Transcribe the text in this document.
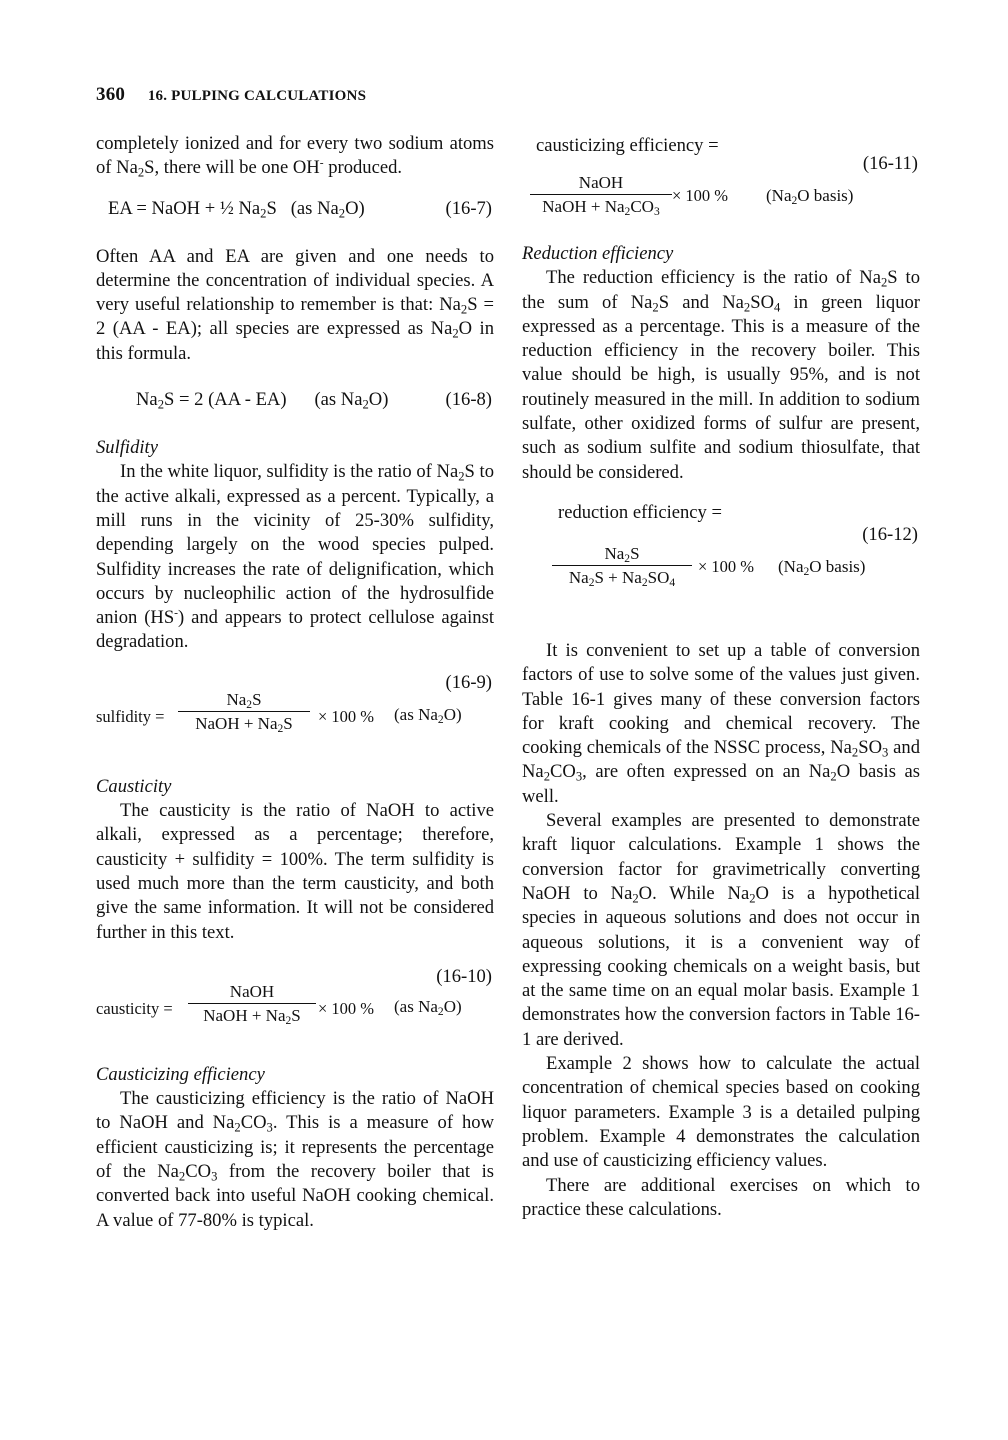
360 16. PULPING CALCULATIONS

completely ionized and for every two sodium atoms of $Na_2S$, there will be one OH- produced.

EA = NaOH + ½ $Na_2S$   (as $Na_2O$)	(16-7)

Often AA and EA are given and one needs to determine the concentration of individual species. A very useful relationship to remember is that: $Na_2S = 2$ (AA - EA); all species are expressed as $Na_2O$ in this formula.

$Na_2S = 2$ (AA - EA)      (as $Na_2O$)	(16-8)

Sulfidity

In the white liquor, sulfidity is the ratio of $Na_2S$ to the active alkali, expressed as a percent. Typically, a mill runs in the vicinity of 25-30% sulfidity, depending largely on the wood species pulped. Sulfidity increases the rate of delignification, which occurs by nucleophilic action of the hydrosulfide anion (HS-) and appears to protect cellulose against degradation.

(16-9)
sulfidity =
$Na_2S$
NaOH + $Na_2S$	× 100 % (as $Na_2O$)

Causticity

The causticity is the ratio of NaOH to active alkali, expressed as a percentage; therefore, causticity + sulfidity = 100%. The term sulfidity is used much more than the term causticity, and both give the same information. It will not be considered further in this text.

(16-10)
causticity =
NaOH
NaOH + $Na_2S$	× 100 % (as $Na_2O$)

Causticizing efficiency

The causticizing efficiency is the ratio of NaOH to NaOH and $Na_2CO_3$. This is a measure of how efficient causticizing is; it represents the percentage of the $Na_2CO_3$ from the recovery boiler that is converted back into useful NaOH cooking chemical. A value of 77-80% is typical.

causticizing efficiency =
(16-11)
NaOH
NaOH + $Na_2CO_3$
× 100 % ($Na_2O$ basis)

Reduction efficiency

The reduction efficiency is the ratio of $Na_2S$ to the sum of $Na_2S$ and $Na_2SO_4$ in green liquor expressed as a percentage. This is a measure of the reduction efficiency in the recovery boiler. This value should be high, is usually 95%, and is not routinely measured in the mill. In addition to sodium sulfate, other oxidized forms of sulfur are present, such as sodium sulfite and sodium thiosulfate, that should be considered.

reduction efficiency =
(16-12)
$\frac{Na_2S}{Na_2S + Na_2SO_4} \times 100$ % ($Na_2O$ basis)

It is convenient to set up a table of conversion factors of use to solve some of the values just given. Table 16-1 gives many of these conversion factors for kraft cooking and chemical recovery. The cooking chemicals of the NSSC process, $Na_2SO_3$ and $Na_2CO_3$, are often expressed on an $Na_2O$ basis as well.

Several examples are presented to demonstrate kraft liquor calculations. Example 1 shows the conversion factor for gravimetrically converting NaOH to $Na_2O$. While $Na_2O$ is a hypothetical species in aqueous solutions and does not occur in aqueous solutions, it is a convenient way of expressing cooking chemicals on a weight basis, but at the same time on an equal molar basis. Example 1 demonstrates how the conversion factors in Table 16-1 are derived.

Example 2 shows how to calculate the actual concentration of chemical species based on cooking liquor parameters. Example 3 is a detailed pulping problem. Example 4 demonstrates the calculation and use of causticizing efficiency values.

There are additional exercises on which to practice these calculations.
